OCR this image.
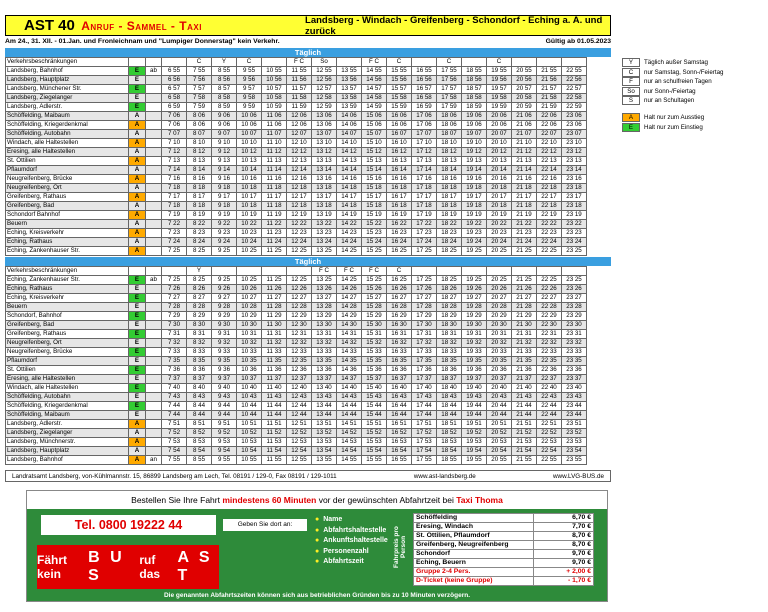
AST 40 Anruf - Sammel - Taxi	Landsberg - Windach - Greifenberg - Schondorf - Eching a. A. und zurück
Am 24., 31. XII. - 01.Jan. und Fronleichnam und "Lumpiger Donnerstag" kein Verkehr.	Gültig ab 01.05.2023
Täglich
Verkehrsbeschränkungen				C	Y	C		F C	So		F C	C		C		C			
Landsberg, Bahnhof	E	ab	6 55	7 55	8 55	9 55	10 55	11 55	12 55	13 55	14 55	15 55	16 55	17 55	18 55	19 55	20 55	21 55	22 55
Landsberg, Hauptplatz	E		6 56	7 56	8 56	9 56	10 56	11 56	12 56	13 56	14 56	15 56	16 56	17 56	18 56	19 56	20 56	21 56	22 56
Landsberg, Münchener Str.	E		6 57	7 57	8 57	9 57	10 57	11 57	12 57	13 57	14 57	15 57	16 57	17 57	18 57	19 57	20 57	21 57	22 57
Landsberg, Ziegelanger	E		6 58	7 58	8 58	9 58	10 58	11 58	12 58	13 58	14 58	15 58	16 58	17 58	18 58	19 58	20 58	21 58	22 58
Landsberg, Adlerstr.	E		6 59	7 59	8 59	9 59	10 59	11 59	12 59	13 59	14 59	15 59	16 59	17 59	18 59	19 59	20 59	21 59	22 59
Schöffelding, Maibaum	A		7 06	8 06	9 06	10 06	11 06	12 06	13 06	14 06	15 06	16 06	17 06	18 06	19 06	20 06	21 06	22 06	23 06
Schöffelding, Kriegerdenkmal	A		7 06	8 06	9 06	10 06	11 06	12 06	13 06	14 06	15 06	16 06	17 06	18 06	19 06	20 06	21 06	22 06	23 06
Schöffelding, Autobahn	A		7 07	8 07	9 07	10 07	11 07	12 07	13 07	14 07	15 07	16 07	17 07	18 07	19 07	20 07	21 07	22 07	23 07
Windach, alle Haltestellen	A		7 10	8 10	9 10	10 10	11 10	12 10	13 10	14 10	15 10	16 10	17 10	18 10	19 10	20 10	21 10	22 10	23 10
Eresing, alle Haltestellen	A		7 12	8 12	9 12	10 12	11 12	12 12	13 12	14 12	15 12	16 12	17 12	18 12	19 12	20 12	21 12	22 12	23 12
St. Ottilien	A		7 13	8 13	9 13	10 13	11 13	12 13	13 13	14 13	15 13	16 13	17 13	18 13	19 13	20 13	21 13	22 13	23 13
Pflaumdorf	A		7 14	8 14	9 14	10 14	11 14	12 14	13 14	14 14	15 14	16 14	17 14	18 14	19 14	20 14	21 14	22 14	23 14
Neugreifenberg, Brücke	A		7 16	8 16	9 16	10 16	11 16	12 16	13 16	14 16	15 16	16 16	17 16	18 16	19 16	20 16	21 16	22 16	23 16
Neugreifenberg, Ort	A		7 18	8 18	9 18	10 18	11 18	12 18	13 18	14 18	15 18	16 18	17 18	18 18	19 18	20 18	21 18	22 18	23 18
Greifenberg, Rathaus	A		7 17	8 17	9 17	10 17	11 17	12 17	13 17	14 17	15 17	16 17	17 17	18 17	19 17	20 17	21 17	22 17	23 17
Greifenberg, Bad	A		7 18	8 18	9 18	10 18	11 18	12 18	13 18	14 18	15 18	16 18	17 18	18 18	19 18	20 18	21 18	22 18	23 18
Schondorf Bahnhof	A		7 19	8 19	9 19	10 19	11 19	12 19	13 19	14 19	15 19	16 19	17 19	18 19	19 19	20 19	21 19	22 19	23 19
Beuern	A		7 22	8 22	9 22	10 22	11 22	12 22	13 22	14 22	15 22	16 22	17 22	18 22	19 22	20 22	21 22	22 22	23 22
Eching, Kreisverkehr	A		7 23	8 23	9 23	10 23	11 23	12 23	13 23	14 23	15 23	16 23	17 23	18 23	19 23	20 23	21 23	22 23	23 23
Eching, Rathaus	A		7 24	8 24	9 24	10 24	11 24	12 24	13 24	14 24	15 24	16 24	17 24	18 24	19 24	20 24	21 24	22 24	23 24
Eching, Zankenhauser Str.	A		7 25	8 25	9 25	10 25	11 25	12 25	13 25	14 25	15 25	16 25	17 25	18 25	19 25	20 25	21 25	22 25	23 25
Täglich
Verkehrsbeschränkungen				Y					F C	F C	F C	C							
Eching, Zankenhauser Str.	E	ab	7 25	8 25	9 25	10 25	11 25	12 25	13 25	14 25	15 25	16 25	17 25	18 25	19 25	20 25	21 25	22 25	23 25
Eching, Rathaus	E		7 26	8 26	9 26	10 26	11 26	12 26	13 26	14 26	15 26	16 26	17 26	18 26	19 26	20 26	21 26	22 26	23 26
Eching, Kreisverkehr	E		7 27	8 27	9 27	10 27	11 27	12 27	13 27	14 27	15 27	16 27	17 27	18 27	19 27	20 27	21 27	22 27	23 27
Beuern	E		7 28	8 28	9 28	10 28	11 28	12 28	13 28	14 28	15 28	16 28	17 28	18 28	19 28	20 28	21 28	22 28	23 28
Schondorf, Bahnhof	E		7 29	8 29	9 29	10 29	11 29	12 29	13 29	14 29	15 29	16 29	17 29	18 29	19 29	20 29	21 29	22 29	23 29
Greifenberg, Bad	E		7 30	8 30	9 30	10 30	11 30	12 30	13 30	14 30	15 30	16 30	17 30	18 30	19 30	20 30	21 30	22 30	23 30
Greifenberg, Rathaus	E		7 31	8 31	9 31	10 31	11 31	12 31	13 31	14 31	15 31	16 31	17 31	18 31	19 31	20 31	21 31	22 31	23 31
Neugreifenberg, Ort	E		7 32	8 32	9 32	10 32	11 32	12 32	13 32	14 32	15 32	16 32	17 32	18 32	19 32	20 32	21 32	22 32	23 32
Neugreifenberg, Brücke	E		7 33	8 33	9 33	10 33	11 33	12 33	13 33	14 33	15 33	16 33	17 33	18 33	19 33	20 33	21 33	22 33	23 33
Pflaumdorf	E		7 35	8 35	9 35	10 35	11 35	12 35	13 35	14 35	15 35	16 35	17 35	18 35	19 35	20 35	21 35	22 35	23 35
St. Ottilien	E		7 36	8 36	9 36	10 36	11 36	12 36	13 36	14 36	15 36	16 36	17 36	18 36	19 36	20 36	21 36	22 36	23 36
Eresing, alle Haltestellen	E		7 37	8 37	9 37	10 37	11 37	12 37	13 37	14 37	15 37	16 37	17 37	18 37	19 37	20 37	21 37	22 37	23 37
Windach, alle Haltestellen	E		7 40	8 40	9 40	10 40	11 40	12 40	13 40	14 40	15 40	16 40	17 40	18 40	19 40	20 40	21 40	22 40	23 40
Schöffelding, Autobahn	E		7 43	8 43	9 43	10 43	11 43	12 43	13 43	14 43	15 43	16 43	17 43	18 43	19 43	20 43	21 43	22 43	23 43
Schöffelding, Kriegerdenkmal	E		7 44	8 44	9 44	10 44	11 44	12 44	13 44	14 44	15 44	16 44	17 44	18 44	19 44	20 44	21 44	22 44	23 44
Schöffelding, Maibaum	E		7 44	8 44	9 44	10 44	11 44	12 44	13 44	14 44	15 44	16 44	17 44	18 44	19 44	20 44	21 44	22 44	23 44
Landsberg, Adlerstr.	A		7 51	8 51	9 51	10 51	11 51	12 51	13 51	14 51	15 51	16 51	17 51	18 51	19 51	20 51	21 51	22 51	23 51
Landsberg, Ziegelanger	A		7 52	8 52	9 52	10 52	11 52	12 52	13 52	14 52	15 52	16 52	17 52	18 52	19 52	20 52	21 52	22 52	23 52
Landsberg, Münchnerstr.	A		7 53	8 53	9 53	10 53	11 53	12 53	13 53	14 53	15 53	16 53	17 53	18 53	19 53	20 53	21 53	22 53	23 53
Landsberg, Hauptplatz	A		7 54	8 54	9 54	10 54	11 54	12 54	13 54	14 54	15 54	16 54	17 54	18 54	19 54	20 54	21 54	22 54	23 54
Landsberg, Bahnhof	A	an	7 55	8 55	9 55	10 55	11 55	12 55	13 55	14 55	15 55	16 55	17 55	18 55	19 55	20 55	21 55	22 55	23 55
Y	Täglich außer Samstag
C	nur Samstag, Sonn-/Feiertag
F	nur an schulfreien Tagen
So	nur Sonn-/Feiertag
S	nur an Schultagen
A	Halt nur zum Ausstieg
E	Halt nur zum Einstieg
Landratsamt Landsberg, von-Kühlmannstr. 15, 86899 Landsberg am Lech, Tel. 08191 / 129-0, Fax 08191 / 129-1011	www.ast-landsberg.de	www.LVG-BUS.de
Bestellen Sie Ihre Fahrt mindestens 60 Minuten vor der gewünschten Abfahrtzeit bei Taxi Thoma
Tel. 0800 19222 44	Geben Sie dort an:
● Name
● Abfahrtshaltestelle
● Ankunftshaltestelle
● Personenzahl
● Abfahrtszeit
Fährt kein
B U S
ruf das
A S T
Fahrpreis pro Person
Schöffelding	6,70 €
Eresing, Windach	7,70 €
St. Ottilien, Pflaumdorf	8,70 €
Greifenberg, Neugreifenberg	8,70 €
Schondorf	9,70 €
Eching, Beuern	9,70 €
Gruppe 2-4 Pers.	+ 2,00 €
D-Ticket (keine Gruppe)	- 1,70 €
Die genannten Abfahrtszeiten können sich aus betrieblichen Gründen bis zu 10 Minuten verzögern.
